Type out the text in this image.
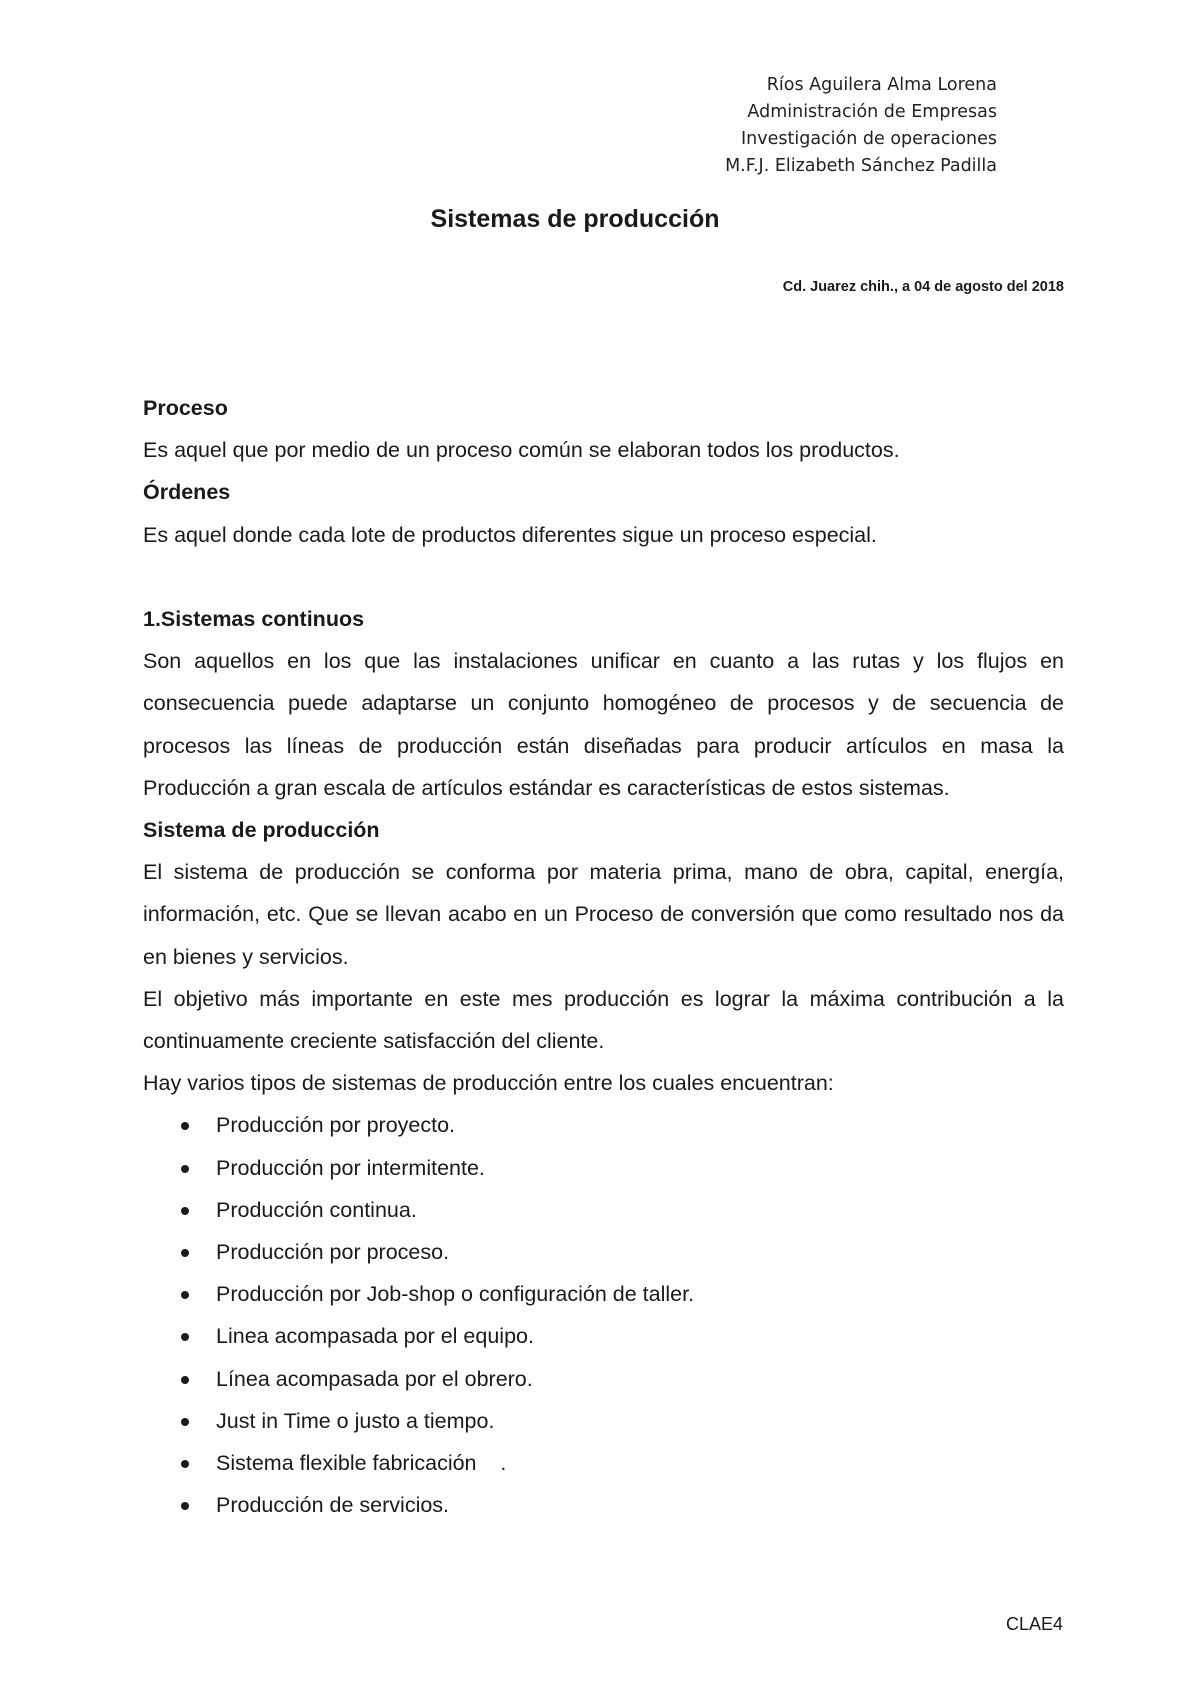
Ríos Aguilera Alma Lorena
Administración de Empresas
Investigación de operaciones
M.F.J. Elizabeth Sánchez Padilla
Sistemas de producción
Cd. Juarez chih., a 04 de agosto del 2018

Proceso

Es aquel que por medio de un proceso común se elaboran todos los productos.

Órdenes

Es aquel donde cada lote de productos diferentes sigue un proceso especial.

1.Sistemas continuos

Son aquellos en los que las instalaciones unificar en cuanto a las rutas y los flujos en consecuencia puede adaptarse un conjunto homogéneo de procesos y de secuencia de procesos las líneas de producción están diseñadas para producir artículos en masa la Producción a gran escala de artículos estándar es características de estos sistemas.

Sistema de producción

El sistema de producción se conforma por materia prima, mano de obra, capital, energía, información, etc. Que se llevan acabo en un Proceso de conversión que como resultado nos da en bienes y servicios.

El objetivo más importante en este mes producción es lograr la máxima contribución a la continuamente creciente satisfacción del cliente.

Hay varios tipos de sistemas de producción entre los cuales encuentran:

Producción por proyecto.
Producción por intermitente.
Producción continua.
Producción por proceso.
Producción por Job-shop o configuración de taller.
Linea acompasada por el equipo.
Línea acompasada por el obrero.
Just in Time o justo a tiempo.
Sistema flexible fabricación    .
Producción de servicios.
CLAE4
